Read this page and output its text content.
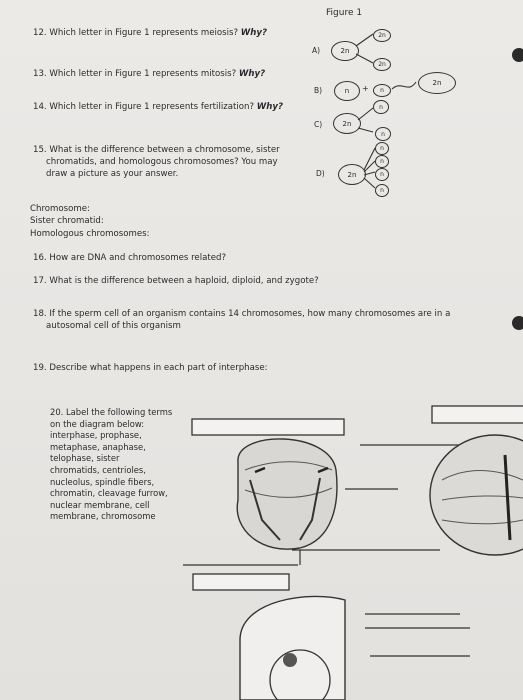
12. Which letter in Figure 1 represents meiosis? Why?
13. Which letter in Figure 1 represents mitosis? Why?
14. Which letter in Figure 1 represents fertilization? Why?
15. What is the difference between a chromosome, sister
chromatids, and homologous chromosomes? You may
draw a picture as your answer.
Chromosome:
Sister chromatid:
Homologous chromosomes:
16. How are DNA and chromosomes related?
17. What is the difference between a haploid, diploid, and zygote?
18. If the sperm cell of an organism contains 14 chromosomes, how many chromosomes are in a
autosomal cell of this organism
19. Describe what happens in each part of interphase:
20. Label the following terms
on the diagram below:
interphase, prophase,
metaphase, anaphase,
telophase, sister
chromatids, centrioles,
nucleolus, spindle fibers,
chromatin, cleavage furrow,
nuclear membrane, cell
membrane, chromosome
Figure 1
A)
B)
C)
D)
2n
2n
2n
n	+	n
2n
2n
n
n
2n
n
n
n
n
